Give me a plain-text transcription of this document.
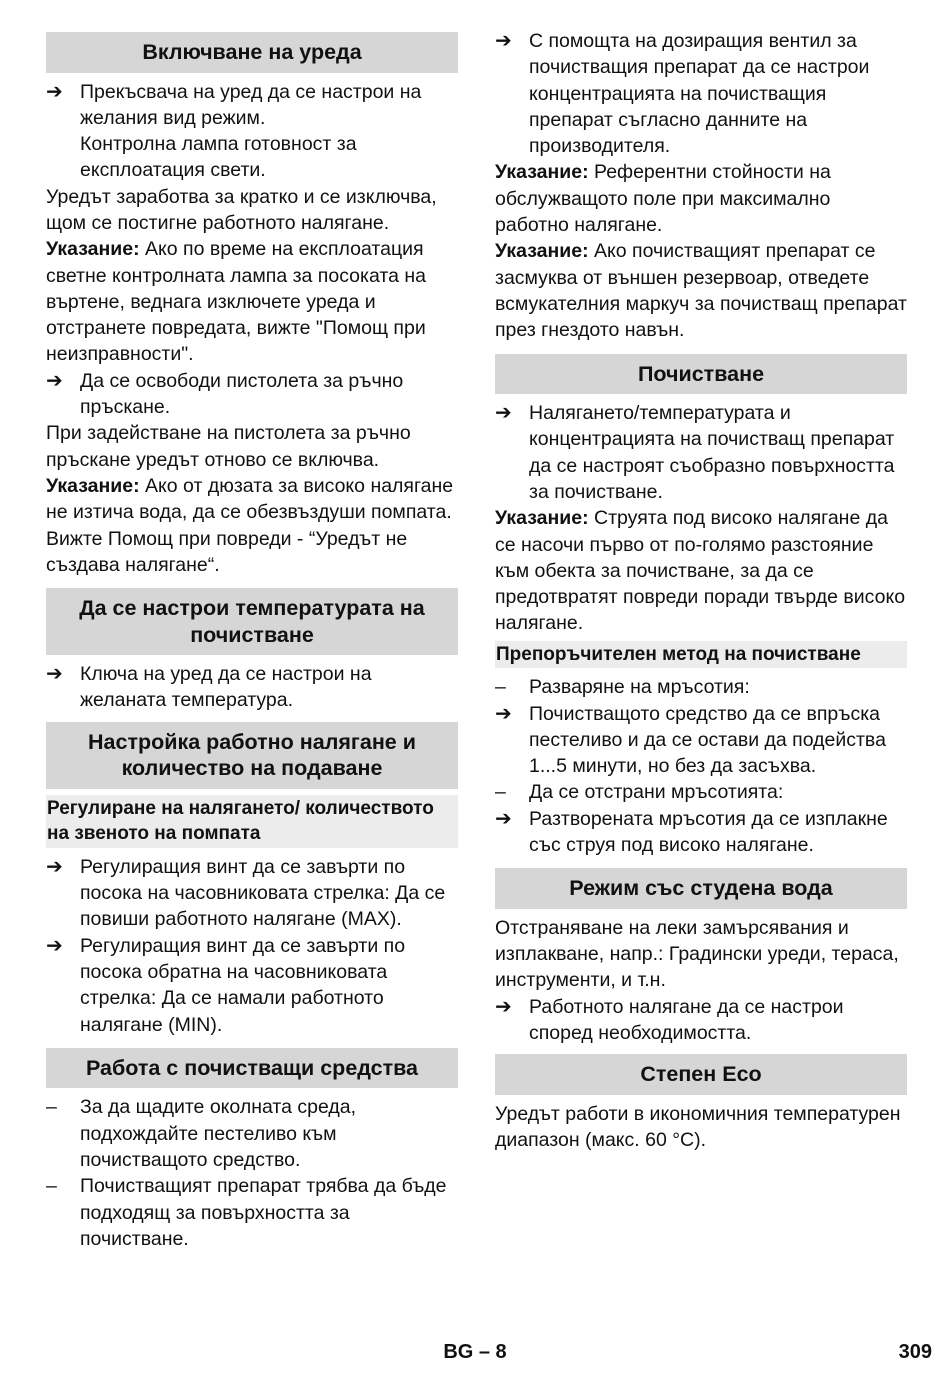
Включване на уреда
➔ Прекъсвача на уред да се настрои на желания вид режим.
Контролна лампа готовност за експлоатация свети.

Уредът заработва за кратко и се изключва, щом се постигне работното налягане.

Указание: Ако по време на експлоатация светне контролната лампа за посоката на въртене, веднага изключете уреда и отстранете повредата, вижте "Помощ при неизправности".

➔ Да се освободи пистолета за ръчно пръскане.

При задействане на пистолета за ръчно пръскане уредът отново се включва.

Указание: Ако от дюзата за високо налягане не изтича вода, да се обезвъздуши помпата. Вижте Помощ при повреди - “Уредът не създава налягане“.

Да се настрои температурата на почистване
➔ Ключа на уред да се настрои на желаната температура.
Настройка работно налягане и количество на подаване
Регулиране на налягането/ количеството на звеното на помпата
➔ Регулиращия винт да се завърти по посока на часовниковата стрелка: Да се повиши работното налягане (MAX).
➔ Регулиращия винт да се завърти по посока обратна на часовниковата стрелка: Да се намали работното налягане (MIN).
Работа с почистващи средства
– За да щадите околната среда, подхождайте пестеливо към почистващото средство.
– Почистващият препарат трябва да бъде подходящ за повърхността за почистване.
➔ С помощта на дозиращия вентил за почистващия препарат да се настрои концентрацията на почистващия препарат съгласно данните на производителя.

Указание: Референтни стойности на обслужващото поле при максимално работно налягане.

Указание: Ако почистващият препарат се засмуква от външен резервоар, отведете всмукателния маркуч за почистващ препарат през гнездото навън.

Почистване
➔ Налягането/температурата и концентрацията на почистващ препарат да се настроят съобразно повърхността за почистване.

Указание: Струята под високо налягане да се насочи първо от по-голямо разстояние към обекта за почистване, за да се предотвратят повреди поради твърде високо налягане.

Препоръчителен метод на почистване
– Разваряне на мръсотия:
➔ Почистващото средство да се впръска пестеливо и да се остави да подейства 1...5 минути, но без да засъхва.
– Да се отстрани мръсотията:
➔ Разтворената мръсотия да се изплакне със струя под високо налягане.
Режим със студена вода

Отстраняване на леки замърсявания и изплакване, напр.: Градински уреди, тераса, инструменти, и т.н.

➔ Работното налягане да се настрои според необходимостта.
Степен Eco

Уредът работи в икономичния температурен диапазон (макс. 60 °C).

BG – 8	309
